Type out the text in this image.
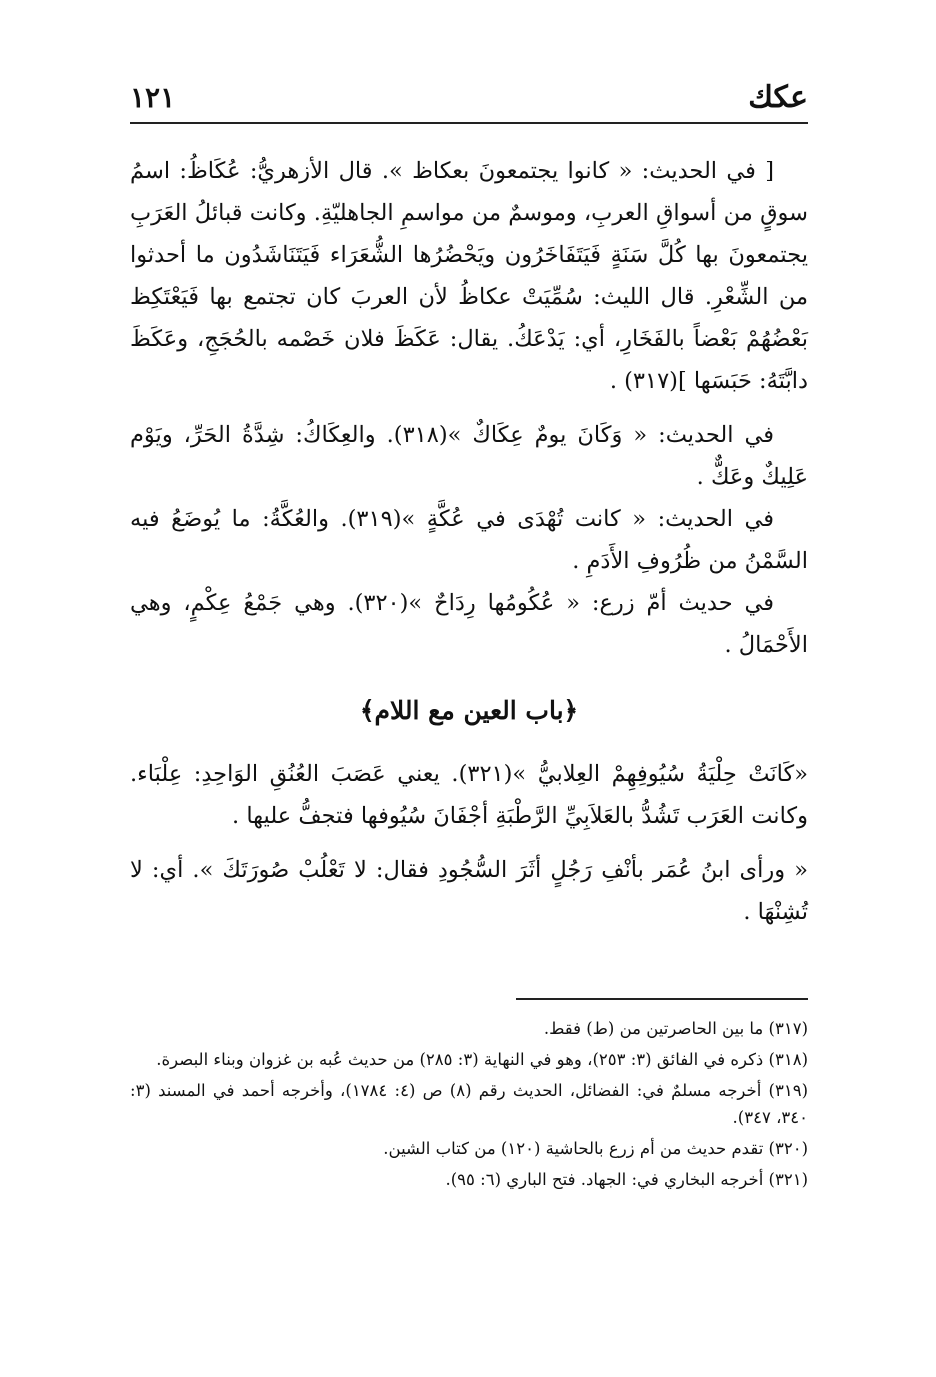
عكك
١٢١

[ في الحديث: « كانوا يجتمعونَ بعكاظ ». قال الأزهريُّ: عُكَاظُ: اسمُ سوقٍ من أسواقِ العربِ، وموسمٌ من مواسمِ الجاهليّةِ. وكانت قبائلُ العَرَبِ يجتمعونَ بها كُلَّ سَنَةٍ فَيَتَفَاخَرُون ويَحْضُرُها الشُّعَرَاء فَيَتَنَاشَدُون ما أحدثوا من الشِّعْرِ. قال الليث: سُمِّيَتْ عكاظُ لأن العربَ كان تجتمع بها فَيَعْتَكِظ بَعْضُهُمْ بَعْضاً بالفَخَارِ، أي: يَدْعَكُ. يقال: عَكَظَ فلان خَصْمه بالحُجَجِ، وعَكَظَ دابَّتَهُ: حَبَسَها ](٣١٧) .

في الحديث: « وَكَانَ يومٌ عِكَاكٌ »(٣١٨). والعِكَاكُ: شِدَّةُ الحَرِّ، ويَوْم عَلِيكٌ وعَكٌّ .

في الحديث: « كانت تُهْدَى في عُكَّةٍ »(٣١٩). والعُكَّةُ: ما يُوضَعُ فيه السَّمْنُ من ظُرُوفِ الأَدَمِ .

في حديث أمّ زرع: « عُكُومُها رِدَاحٌ »(٣٢٠). وهي جَمْعُ عِكْمٍ، وهي الأَحْمَالُ .

﴿باب العين مع اللام﴾

«كَانَتْ حِلْيَةُ سُيُوفِهِمْ العِلابيُّ »(٣٢١). يعني عَصَبَ العُنُقِ الوَاحِدِ: عِلْبَاء. وكانت العَرَب تَشُدُّ بالعَلاَبِيِّ الرَّطْبَةِ أجْفَانَ سُيُوفها فتجفُّ عليها .

« ورأى ابنُ عُمَر بأنْفِ رَجُلٍ أثَرَ السُّجُودِ فقال: لا تَعْلُبْ صُورَتَكَ ». أي: لا تُشِنْهَا .

(٣١٧) ما بين الحاصرتين من (ط) فقط.

(٣١٨) ذكره في الفائق (٣: ٢٥٣)، وهو في النهاية (٣: ٢٨٥) من حديث عُبه بن غزوان وبناء البصرة.

(٣١٩) أخرجه مسلمٌ في: الفضائل، الحديث رقم (٨) ص (٤: ١٧٨٤)، وأخرجه أحمد في المسند (٣: ٣٤٠، ٣٤٧).

(٣٢٠) تقدم حديث من أم زرع بالحاشية (١٢٠) من كتاب الشين.

(٣٢١) أخرجه البخاري في: الجهاد. فتح الباري (٦: ٩٥).
